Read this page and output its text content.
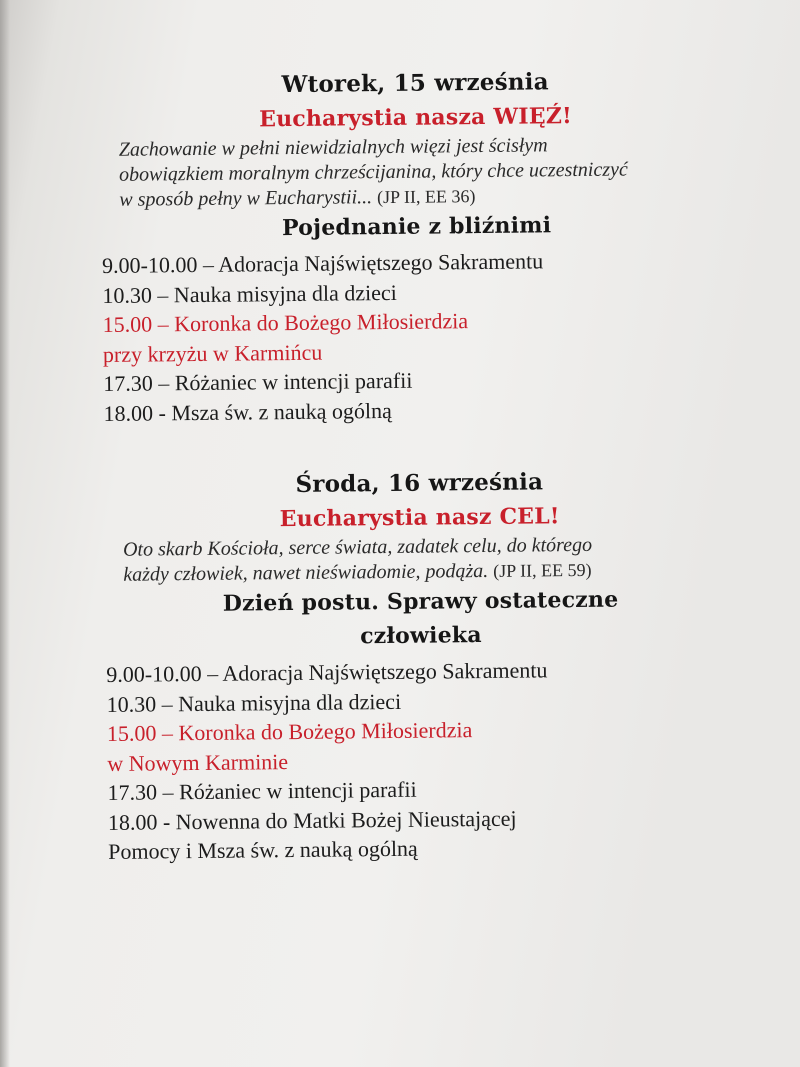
Wtorek, 15 września
Eucharystia nasza WIĘŹ!

Zachowanie w pełni niewidzialnych więzi jest ścisłym
obowiązkiem moralnym chrześcijanina, który chce uczestniczyć
w sposób pełny w Eucharystii... (JP II, EE 36)

Pojednanie z bliźnimi
9.00-10.00 – Adoracja Najświętszego Sakramentu
10.30 – Nauka misyjna dla dzieci
15.00 – Koronka do Bożego Miłosierdzia
przy krzyżu w Karmińcu
17.30 – Różaniec w intencji parafii
18.00 - Msza św. z nauką ogólną
Środa, 16 września
Eucharystia nasz CEL!

Oto skarb Kościoła, serce świata, zadatek celu, do którego
każdy człowiek, nawet nieświadomie, podąża. (JP II, EE 59)

Dzień postu. Sprawy ostateczne
człowieka
9.00-10.00 – Adoracja Najświętszego Sakramentu
10.30 – Nauka misyjna dla dzieci
15.00 – Koronka do Bożego Miłosierdzia
w Nowym Karminie
17.30 – Różaniec w intencji parafii
18.00 - Nowenna do Matki Bożej Nieustającej
Pomocy i Msza św. z nauką ogólną
